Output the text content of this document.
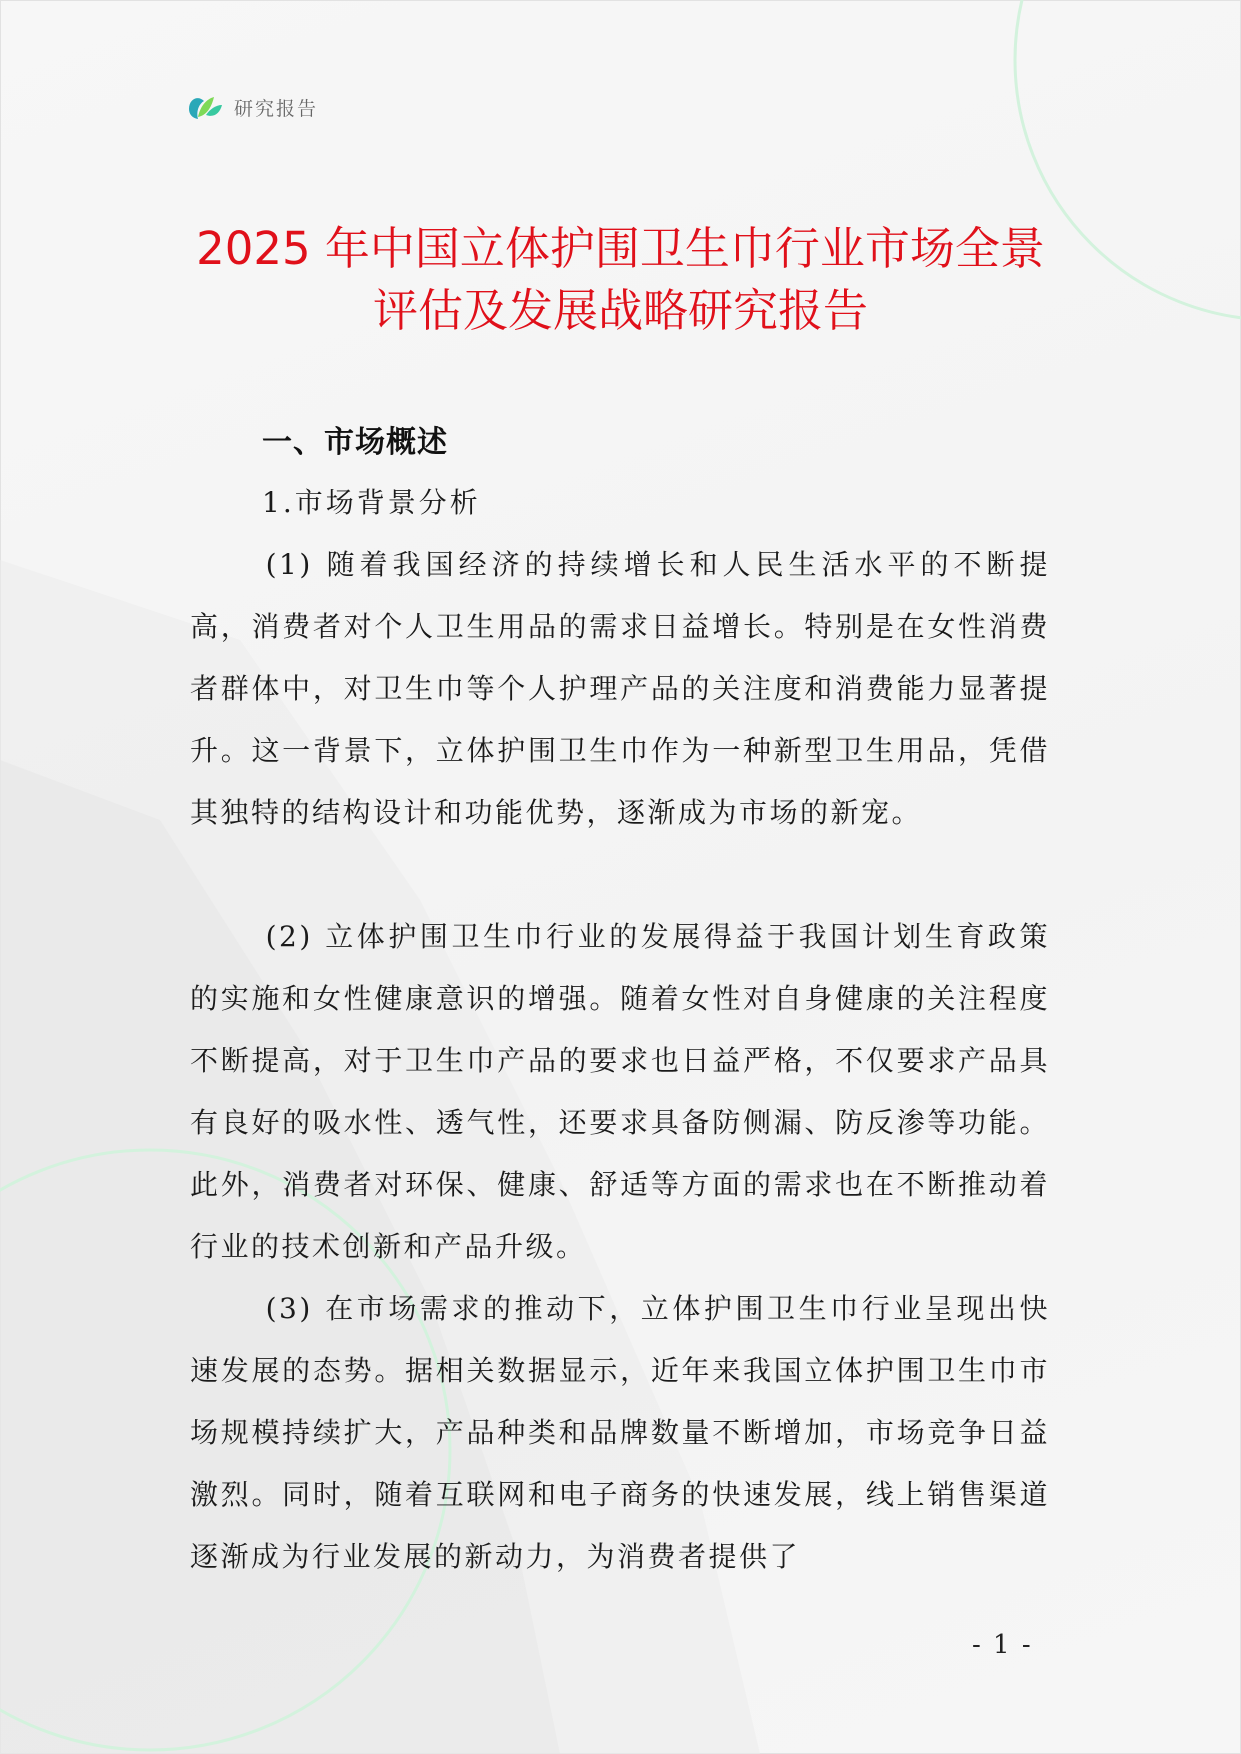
研究报告
2025 年中国立体护围卫生巾行业市场全景
评估及发展战略研究报告
一、市场概述
1.市场背景分析

(1) 随着我国经济的持续增长和人民生活水平的不断提高，消费者对个人卫生用品的需求日益增长。特别是在女性消费者群体中，对卫生巾等个人护理产品的关注度和消费能力显著提升。这一背景下，立体护围卫生巾作为一种新型卫生用品，凭借其独特的结构设计和功能优势，逐渐成为市场的新宠。

(2) 立体护围卫生巾行业的发展得益于我国计划生育政策的实施和女性健康意识的增强。随着女性对自身健康的关注程度不断提高，对于卫生巾产品的要求也日益严格，不仅要求产品具有良好的吸水性、透气性，还要求具备防侧漏、防反渗等功能。此外，消费者对环保、健康、舒适等方面的需求也在不断推动着行业的技术创新和产品升级。

(3) 在市场需求的推动下，立体护围卫生巾行业呈现出快速发展的态势。据相关数据显示，近年来我国立体护围卫生巾市场规模持续扩大，产品种类和品牌数量不断增加，市场竞争日益激烈。同时，随着互联网和电子商务的快速发展，线上销售渠道逐渐成为行业发展的新动力，为消费者提供了

- 1 -
